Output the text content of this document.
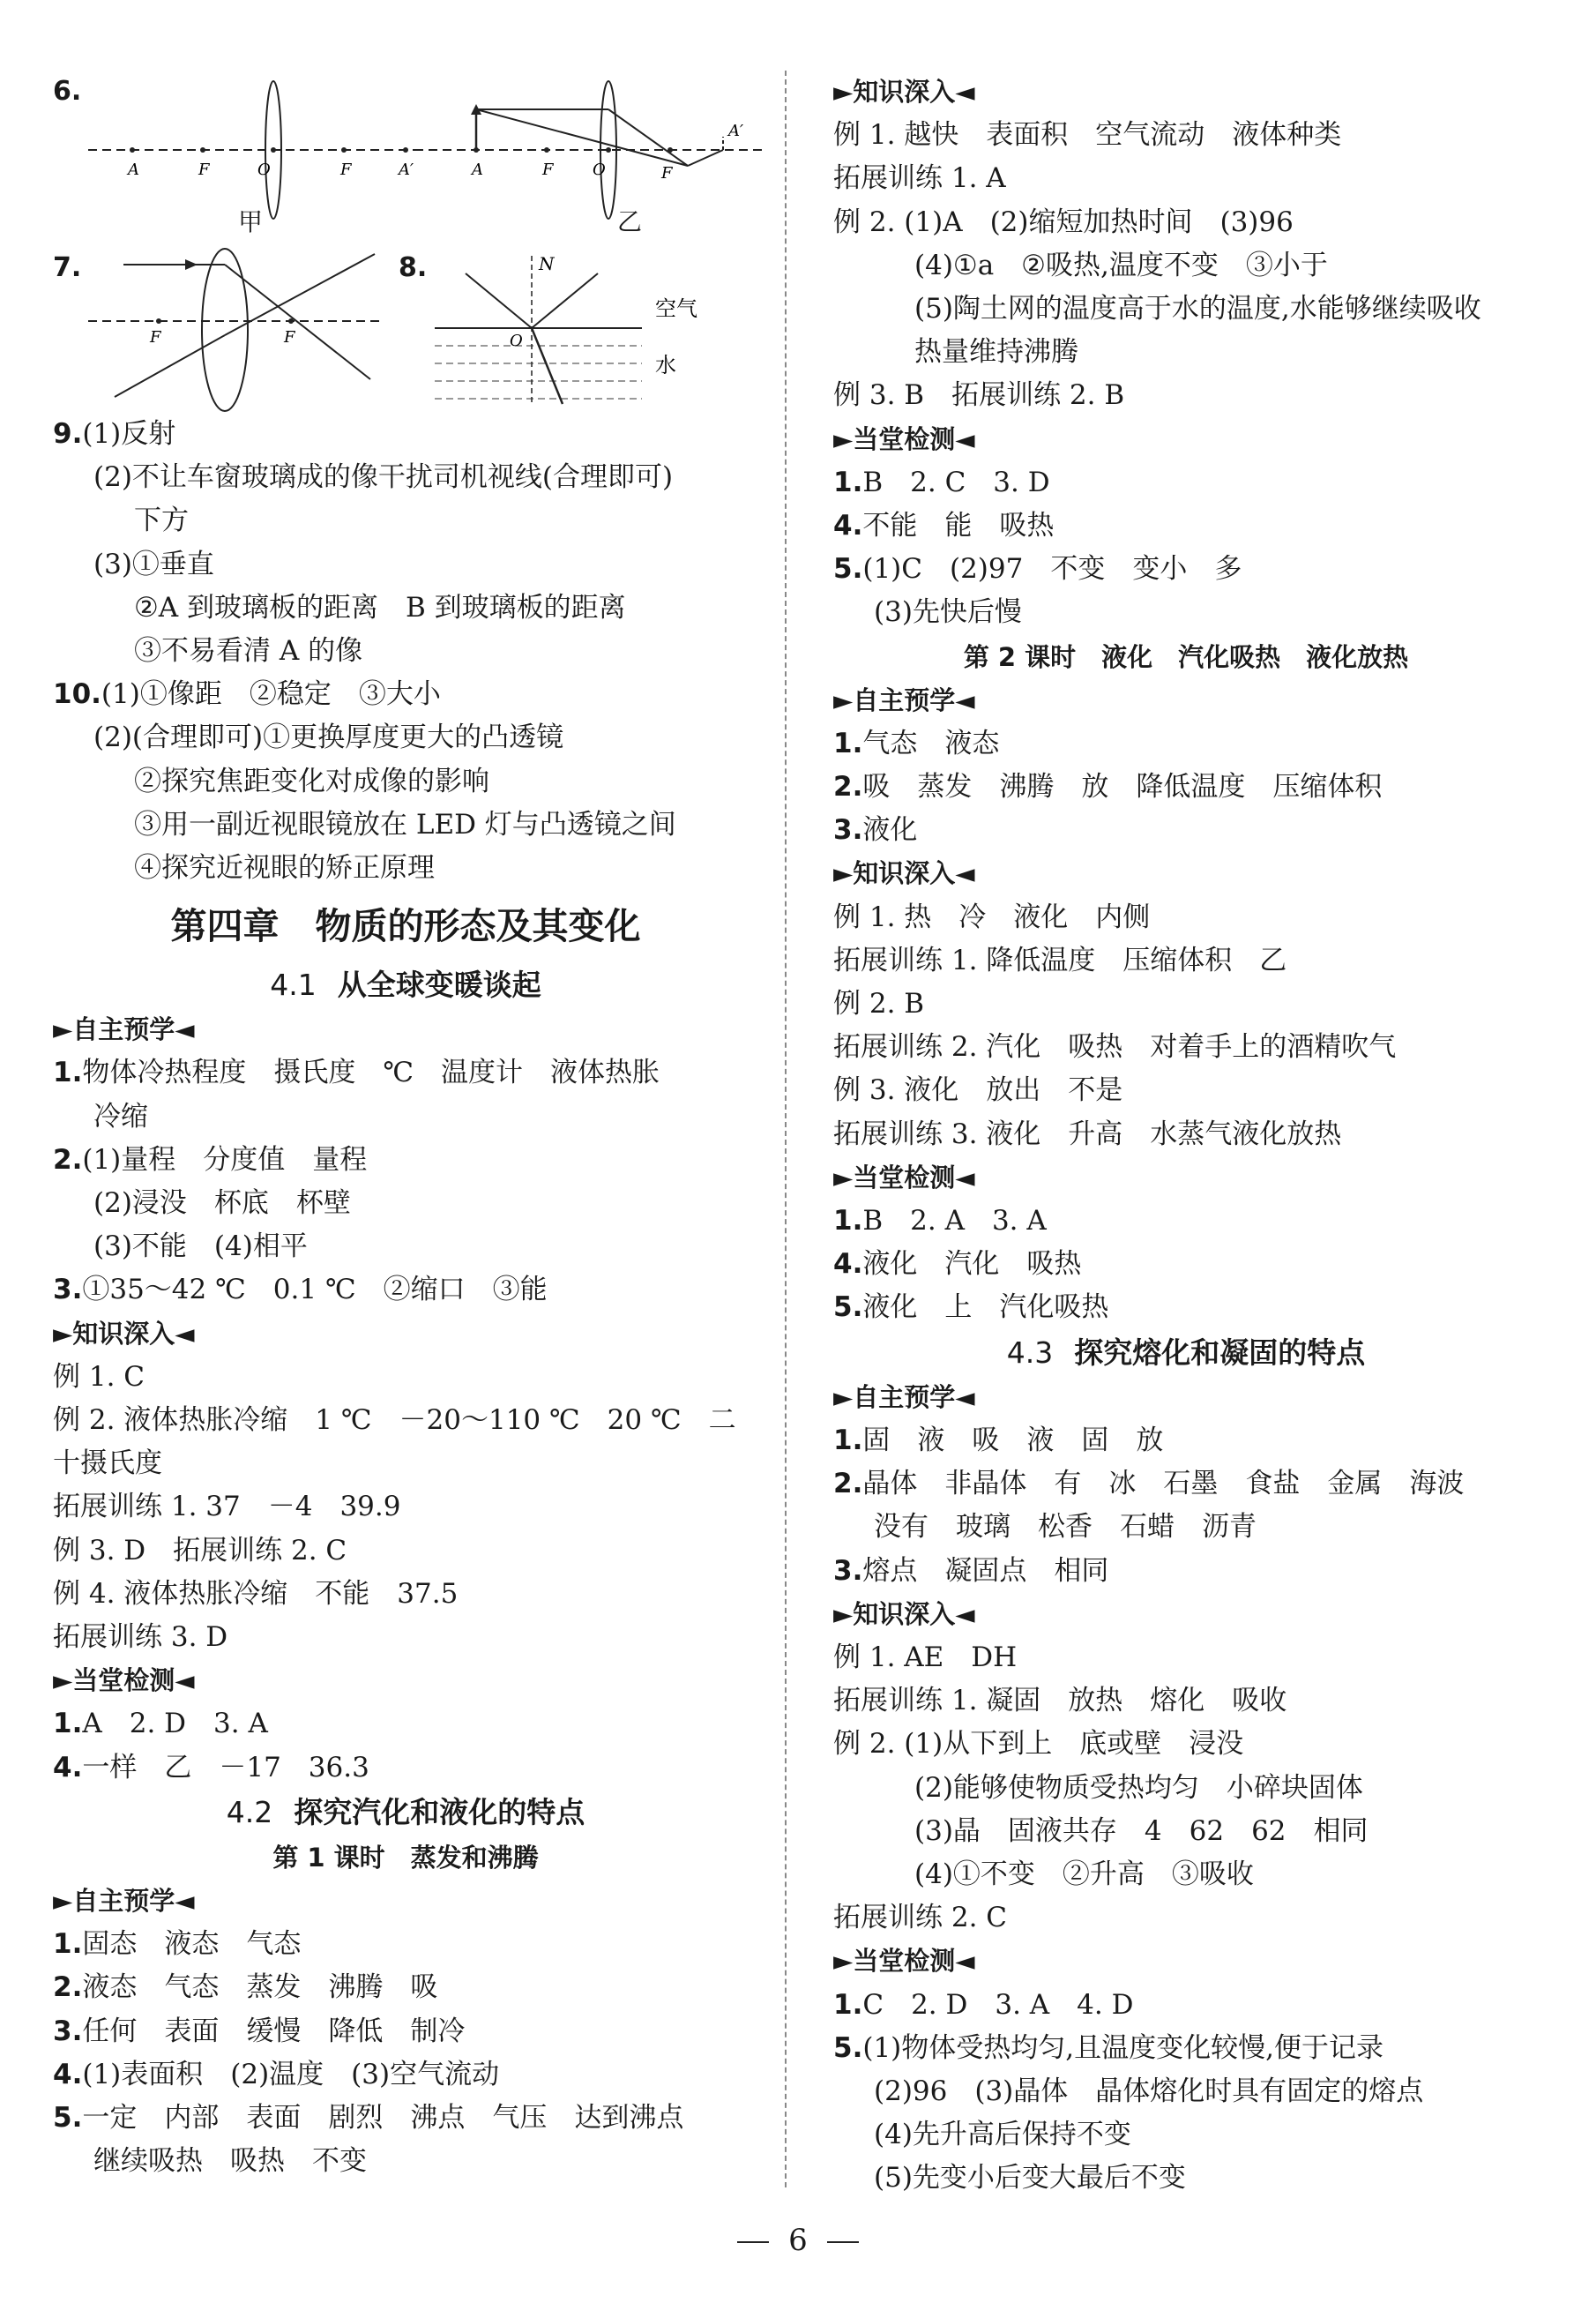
6.
A	F	O	F	A′
甲
A	F O	F
A′
乙
7.
F	F
8.	N
O
空气
水
9.(1)反射
(2)不让车窗玻璃成的像干扰司机视线(合理即可)
下方
(3)①垂直
②A 到玻璃板的距离　B 到玻璃板的距离
③不易看清 A 的像
10.(1)①像距　②稳定　③大小
(2)(合理即可)①更换厚度更大的凸透镜
②探究焦距变化对成像的影响
③用一副近视眼镜放在 LED 灯与凸透镜之间
④探究近视眼的矫正原理
第四章　物质的形态及其变化
4.1 从全球变暖谈起
►自主预学◄
1.物体冷热程度　摄氏度　℃　温度计　液体热胀
冷缩
2.(1)量程　分度值　量程
(2)浸没　杯底　杯壁
(3)不能　(4)相平
3.①35～42 ℃　0.1 ℃　②缩口　③能
►知识深入◄
例 1. C
例 2. 液体热胀冷缩　1 ℃　－20～110 ℃　20 ℃　二
十摄氏度
拓展训练 1. 37　－4　39.9
例 3. D　拓展训练 2. C
例 4. 液体热胀冷缩　不能　37.5
拓展训练 3. D
►当堂检测◄
1.A　2. D　3. A
4.一样　乙　－17　36.3
4.2 探究汽化和液化的特点
第 1 课时　蒸发和沸腾
►自主预学◄
1.固态　液态　气态
2.液态　气态　蒸发　沸腾　吸
3.任何　表面　缓慢　降低　制冷
4.(1)表面积　(2)温度　(3)空气流动
5.一定　内部　表面　剧烈　沸点　气压　达到沸点
继续吸热　吸热　不变
►知识深入◄
例 1. 越快　表面积　空气流动　液体种类
拓展训练 1. A
例 2. (1)A　(2)缩短加热时间　(3)96
(4)①a　②吸热,温度不变　③小于
(5)陶土网的温度高于水的温度,水能够继续吸收
热量维持沸腾
例 3. B　拓展训练 2. B
►当堂检测◄
1.B　2. C　3. D
4.不能　能　吸热
5.(1)C　(2)97　不变　变小　多
(3)先快后慢
第 2 课时　液化　汽化吸热　液化放热
►自主预学◄
1.气态　液态
2.吸　蒸发　沸腾　放　降低温度　压缩体积
3.液化
►知识深入◄
例 1. 热　冷　液化　内侧
拓展训练 1. 降低温度　压缩体积　乙
例 2. B
拓展训练 2. 汽化　吸热　对着手上的酒精吹气
例 3. 液化　放出　不是
拓展训练 3. 液化　升高　水蒸气液化放热
►当堂检测◄
1.B　2. A　3. A
4.液化　汽化　吸热
5.液化　上　汽化吸热
4.3 探究熔化和凝固的特点
►自主预学◄
1.固　液　吸　液　固　放
2.晶体　非晶体　有　冰　石墨　食盐　金属　海波
没有　玻璃　松香　石蜡　沥青
3.熔点　凝固点　相同
►知识深入◄
例 1. AE　DH
拓展训练 1. 凝固　放热　熔化　吸收
例 2. (1)从下到上　底或壁　浸没
(2)能够使物质受热均匀　小碎块固体
(3)晶　固液共存　4　62　62　相同
(4)①不变　②升高　③吸收
拓展训练 2. C
►当堂检测◄
1.C　2. D　3. A　4. D
5.(1)物体受热均匀,且温度变化较慢,便于记录
(2)96　(3)晶体　晶体熔化时具有固定的熔点
(4)先升高后保持不变
(5)先变小后变大最后不变
6
